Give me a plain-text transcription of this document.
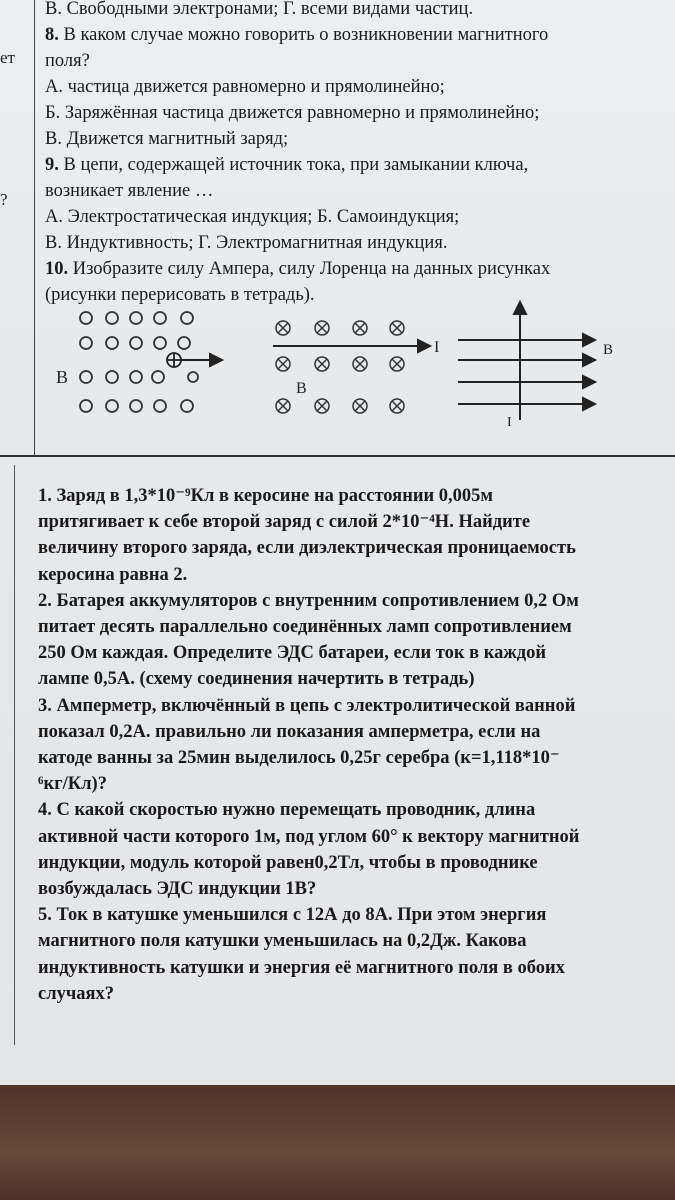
ет
?

В. Свободными электронами; Г. всеми видами частиц.

8. В каком случае можно говорить о возникновении магнитного

поля?

А. частица движется равномерно и прямолинейно;

Б. Заряжённая частица движется равномерно и прямолинейно;

В. Движется магнитный заряд;

9. В цепи, содержащей источник тока, при замыкании ключа,

возникает явление …

А. Электростатическая индукция; Б. Самоиндукция;

В. Индуктивность; Г. Электромагнитная индукция.

10. Изобразите силу Ампера, силу Лоренца на данных рисунках

(рисунки перерисовать в тетрадь).

B
I
B
B
I

1. Заряд в 1,3*10⁻⁹Кл в керосине на расстоянии 0,005м

притягивает к себе второй заряд с силой 2*10⁻⁴Н. Найдите

величину второго заряда, если диэлектрическая проницаемость

керосина равна 2.

2. Батарея аккумуляторов с внутренним сопротивлением 0,2 Ом

питает десять параллельно соединённых ламп сопротивлением

250 Ом каждая. Определите ЭДС батареи, если ток в каждой

лампе 0,5А. (схему соединения начертить в тетрадь)

3. Амперметр, включённый в цепь с электролитической ванной

показал 0,2А. правильно ли показания амперметра, если на

катоде ванны за 25мин выделилось 0,25г серебра (к=1,118*10⁻

⁶кг/Кл)?

4. С какой скоростью нужно перемещать проводник, длина

активной части которого 1м, под углом 60° к вектору магнитной

индукции, модуль которой равен0,2Тл, чтобы в проводнике

возбуждалась ЭДС индукции 1В?

5. Ток в катушке уменьшился с 12А до 8А. При этом энергия

магнитного поля катушки уменьшилась на 0,2Дж. Какова

индуктивность катушки и энергия её магнитного поля в обоих

случаях?
